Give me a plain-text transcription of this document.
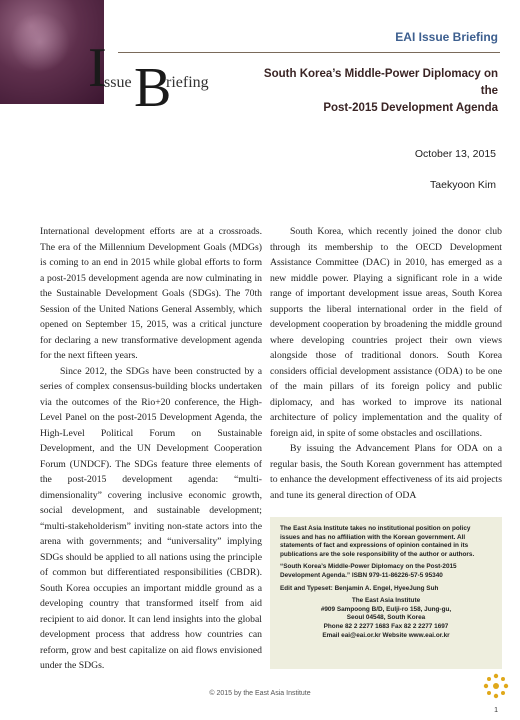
I
ssue B
riefing
EAI Issue Briefing
South Korea’s Middle-Power Diplomacy on the
Post-2015 Development Agenda
October 13, 2015
Taekyoon Kim

International development efforts are at a crossroads. The era of the Millennium Development Goals (MDGs) is coming to an end in 2015 while global efforts to form a post-2015 development agenda are now culminating in the Sustainable Development Goals (SDGs). The 70th Session of the United Nations General Assembly, which opened on September 15, 2015, was a critical juncture for declaring a new transformative development agenda for the next fifteen years.

Since 2012, the SDGs have been constructed by a series of complex consensus-building blocks undertaken via the outcomes of the Rio+20 conference, the High-Level Panel on the post-2015 Development Agenda, the High-Level Political Forum on Sustainable Development, and the UN Development Cooperation Forum (UNDCF). The SDGs feature three elements of the post-2015 development agenda: “multi-dimensionality” covering inclusive economic growth, social development, and sustainable development; “multi-stakeholderism” inviting non-state actors into the arena with governments; and “universality” implying SDGs should be applied to all nations using the principle of common but differentiated responsibilities (CBDR). South Korea occupies an important middle ground as a developing country that transformed itself from aid recipient to aid donor. It can lend insights into the global development process that address how countries can reform, grow and best capitalize on aid flows envisioned under the SDGs.

South Korea, which recently joined the donor club through its membership to the OECD Development Assistance Committee (DAC) in 2010, has emerged as a new middle power. Playing a significant role in a wide range of important development issue areas, South Korea supports the liberal international order in the field of development cooperation by broadening the middle ground where developing countries project their own views alongside those of traditional donors. South Korea considers official development assistance (ODA) to be one of the main pillars of its foreign policy and public diplomacy, and has worked to improve its national architecture of policy implementation and the quality of foreign aid, in spite of some obstacles and oscillations.

By issuing the Advancement Plans for ODA on a regular basis, the South Korean government has attempted to enhance the development effectiveness of its aid projects and tune its general direction of ODA

The East Asia Institute takes no institutional position on policy issues and has no affiliation with the Korean government. All statements of fact and expressions of opinion contained in its publications are the sole responsibility of the author or authors.

“South Korea’s Middle-Power Diplomacy on the Post-2015 Development Agenda.” ISBN 979-11-86226-57-5 95340

Edit and Typeset: Benjamin A. Engel, HyeeJung Suh

The East Asia Institute
#909 Sampoong B/D, Eulji-ro 158, Jung-gu,
Seoul 04548, South Korea
Phone 82 2 2277 1683 Fax 82 2 2277 1697
Email eai@eai.or.kr Website www.eai.or.kr
© 2015 by the East Asia Institute
1
